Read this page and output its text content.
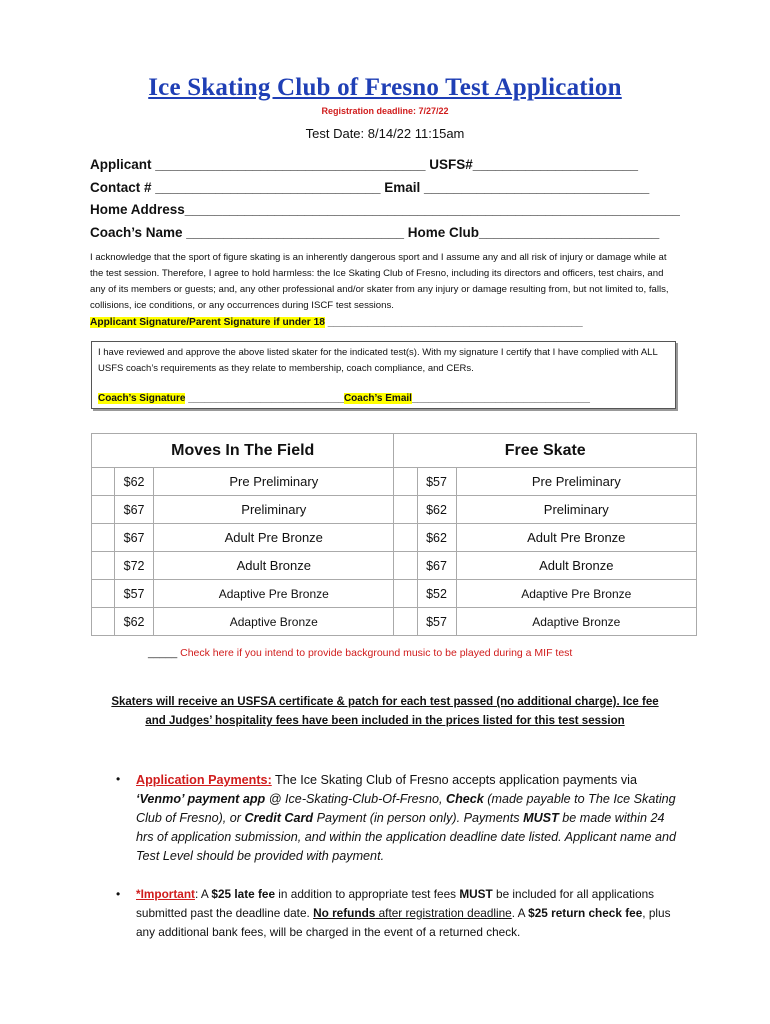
Ice Skating Club of Fresno Test Application
Registration deadline: 7/27/22
Test Date: 8/14/22 11:15am
Applicant ____________________________________ USFS#______________________
Contact # ______________________________ Email ______________________________
Home Address__________________________________________________________________
Coach’s Name _____________________________ Home Club________________________
I acknowledge that the sport of figure skating is an inherently dangerous sport and I assume any and all risk of injury or damage while at the test session. Therefore, I agree to hold harmless: the Ice Skating Club of Fresno, including its directors and officers, test chairs, and any of its members or guests; and, any other professional and/or skater from any injury or damage resulting from, but not limited to, falls, collisions, ice conditions, or any occurrences during ISCF test sessions.
Applicant Signature/Parent Signature if under 18 _____________________________________________
I have reviewed and approve the above listed skater for the indicated test(s). With my signature I certify that I have complied with ALL USFS coach’s requirements as they relate to membership, coach compliance, and CERs.
Coach’s Signature ____________________________Coach’s Email________________________________
Moves In The Field			Free Skate		
	$62	Pre Preliminary		$57	Pre Preliminary
	$67	Preliminary		$62	Preliminary
	$67	Adult Pre Bronze		$62	Adult Pre Bronze
	$72	Adult Bronze		$67	Adult Bronze
	$57	Adaptive Pre Bronze		$52	Adaptive Pre Bronze
	$62	Adaptive Bronze		$57	Adaptive Bronze
_____ Check here if you intend to provide background music to be played during a MIF test
Skaters will receive an USFSA certificate & patch for each test passed (no additional charge). Ice fee
and Judges’ hospitality fees have been included in the prices listed for this test session
• Application Payments: The Ice Skating Club of Fresno accepts application payments via ‘Venmo’ payment app @ Ice-Skating-Club-Of-Fresno, Check (made payable to The Ice Skating Club of Fresno), or Credit Card Payment (in person only). Payments MUST be made within 24 hrs of application submission, and within the application deadline date listed. Applicant name and Test Level should be provided with payment.
• *Important: A $25 late fee in addition to appropriate test fees MUST be included for all applications submitted past the deadline date. No refunds after registration deadline. A $25 return check fee, plus any additional bank fees, will be charged in the event of a returned check.
